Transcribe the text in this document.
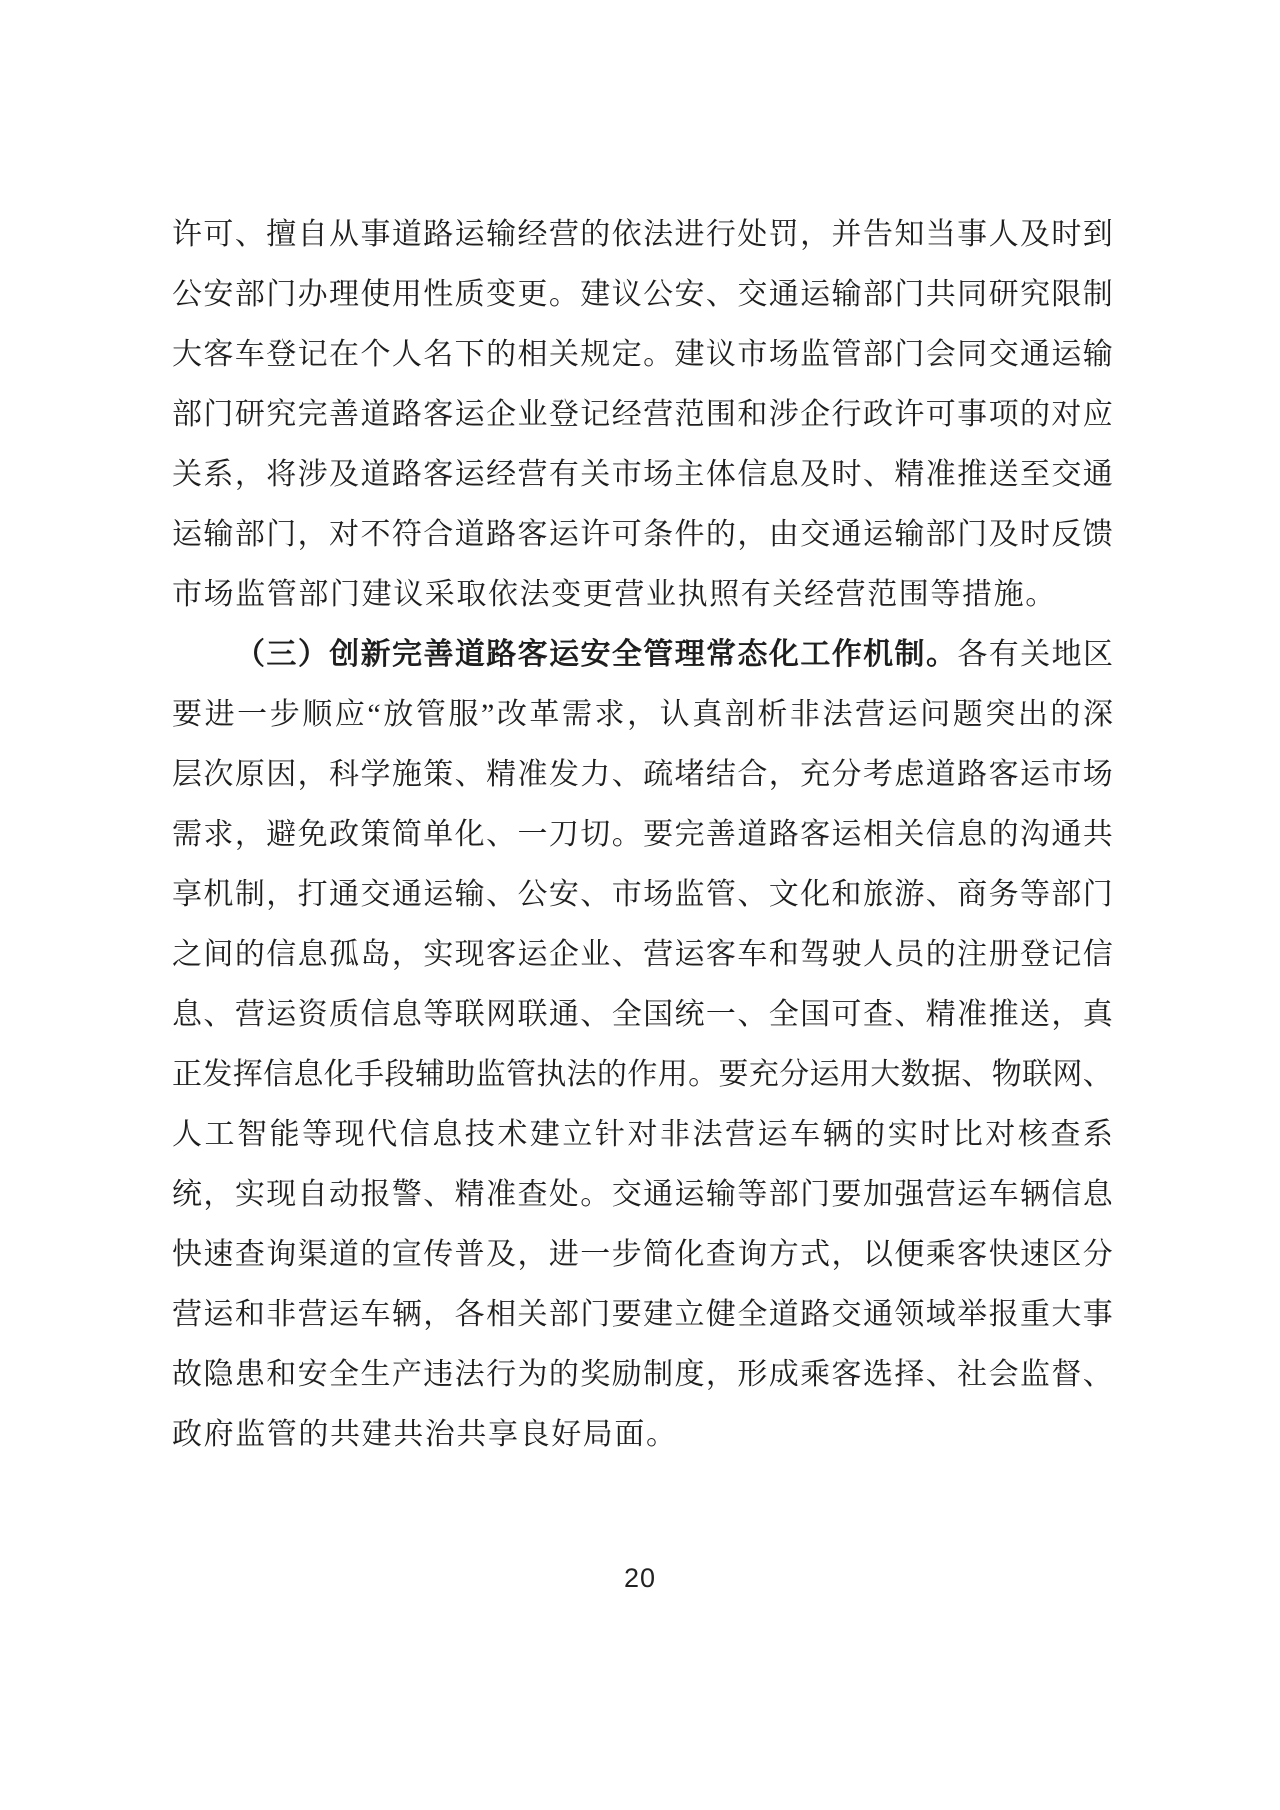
许 可 、 擅 自 从 事 道 路 运 输 经 营 的 依 法 进 行 处 罚 ， 并 告 知 当 事 人 及 时 到
公 安 部 门 办 理 使 用 性 质 变 更 。 建 议 公 安 、 交 通 运 输 部 门 共 同 研 究 限 制
大 客 车 登 记 在 个 人 名 下 的 相 关 规 定 。 建 议 市 场 监 管 部 门 会 同 交 通 运 输
部 门 研 究 完 善 道 路 客 运 企 业 登 记 经 营 范 围 和 涉 企 行 政 许 可 事 项 的 对 应
关 系 ， 将 涉 及 道 路 客 运 经 营 有 关 市 场 主 体 信 息 及 时 、 精 准 推 送 至 交 通
运 输 部 门 ， 对 不 符 合 道 路 客 运 许 可 条 件 的 ， 由 交 通 运 输 部 门 及 时 反 馈
市场监管部门建议采取依法变更营业执照有关经营范围等措施。
（ 三 ） 创 新 完 善 道 路 客 运 安 全 管 理 常 态 化 工 作 机 制 。 各 有 关 地 区
要 进 一 步 顺 应 “ 放 管 服 ” 改 革 需 求 ， 认 真 剖 析 非 法 营 运 问 题 突 出 的 深
层 次 原 因 ， 科 学 施 策 、 精 准 发 力 、 疏 堵 结 合 ， 充 分 考 虑 道 路 客 运 市 场
需 求 ， 避 免 政 策 简 单 化 、 一 刀 切 。 要 完 善 道 路 客 运 相 关 信 息 的 沟 通 共
享 机 制 ， 打 通 交 通 运 输 、 公 安 、 市 场 监 管 、 文 化 和 旅 游 、 商 务 等 部 门
之 间 的 信 息 孤 岛 ， 实 现 客 运 企 业 、 营 运 客 车 和 驾 驶 人 员 的 注 册 登 记 信
息 、 营 运 资 质 信 息 等 联 网 联 通 、 全 国 统 一 、 全 国 可 查 、 精 准 推 送 ， 真
正 发 挥 信 息 化 手 段 辅 助 监 管 执 法 的 作 用 。 要 充 分 运 用 大 数 据 、 物 联 网 、
人 工 智 能 等 现 代 信 息 技 术 建 立 针 对 非 法 营 运 车 辆 的 实 时 比 对 核 查 系
统 ， 实 现 自 动 报 警 、 精 准 查 处 。 交 通 运 输 等 部 门 要 加 强 营 运 车 辆 信 息
快 速 查 询 渠 道 的 宣 传 普 及 ， 进 一 步 简 化 查 询 方 式 ， 以 便 乘 客 快 速 区 分
营 运 和 非 营 运 车 辆 ， 各 相 关 部 门 要 建 立 健 全 道 路 交 通 领 域 举 报 重 大 事
故 隐 患 和 安 全 生 产 违 法 行 为 的 奖 励 制 度 ， 形 成 乘 客 选 择 、 社 会 监 督 、
政府监管的共建共治共享良好局面。
20
